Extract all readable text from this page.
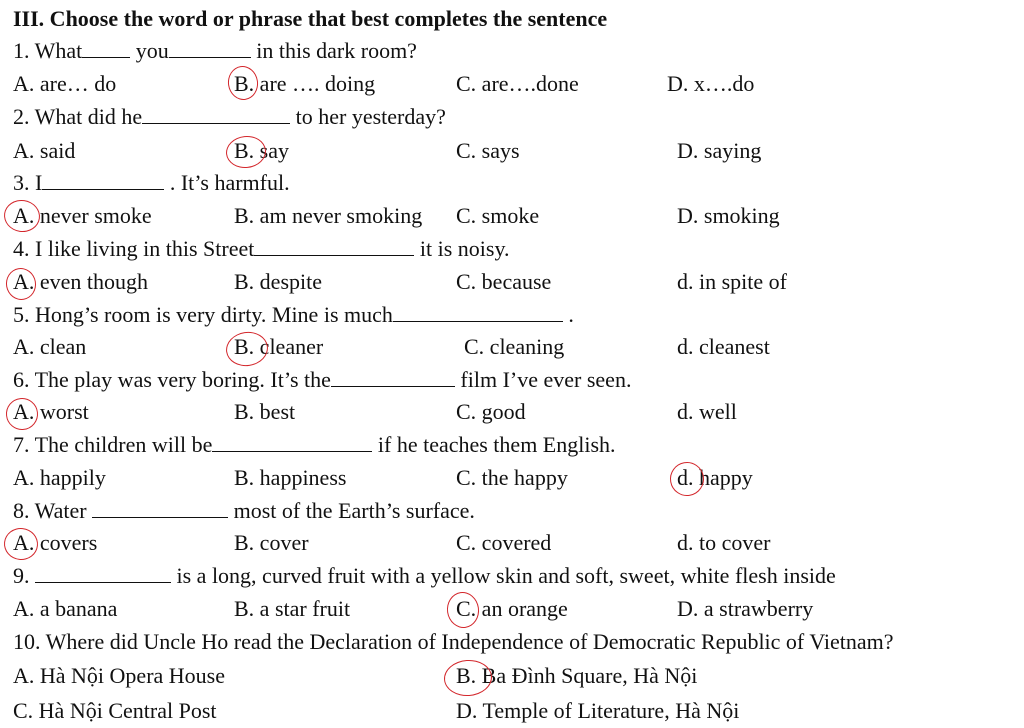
III. Choose the word or phrase that best completes the sentence
1. What you	in this dark room?
A. are… do	B. are …. doing	C. are….done	D. x….do
2. What did he	to her yesterday?
A. said	B. say	C. says	D. saying
3. I	. It’s harmful.
A. never smoke	B. am never smoking C. smoke	D. smoking
4. I like living in this Street	it is noisy.
A. even though	B. despite	C. because	d. in spite of
5. Hong’s room is very dirty. Mine is much	.
A. clean	B. cleaner	C. cleaning	d. cleanest
6. The play was very boring. It’s the	film I’ve ever seen.
A. worst	B. best	C. good	d. well
7. The children will be	if he teaches them English.
A. happily	B. happiness	C. the happy	d. happy
8. Water	most of the Earth’s surface.
A. covers	B. cover	C. covered	d. to cover
9.	is a long, curved fruit with a yellow skin and soft, sweet, white flesh inside
A. a banana	B. a star fruit	C. an orange	D. a strawberry
10. Where did Uncle Ho read the Declaration of Independence of Democratic Republic of Vietnam?
A. Hà Nội Opera House	B. Ba Đình Square, Hà Nội
C. Hà Nội Central Post	D. Temple of Literature, Hà Nội
